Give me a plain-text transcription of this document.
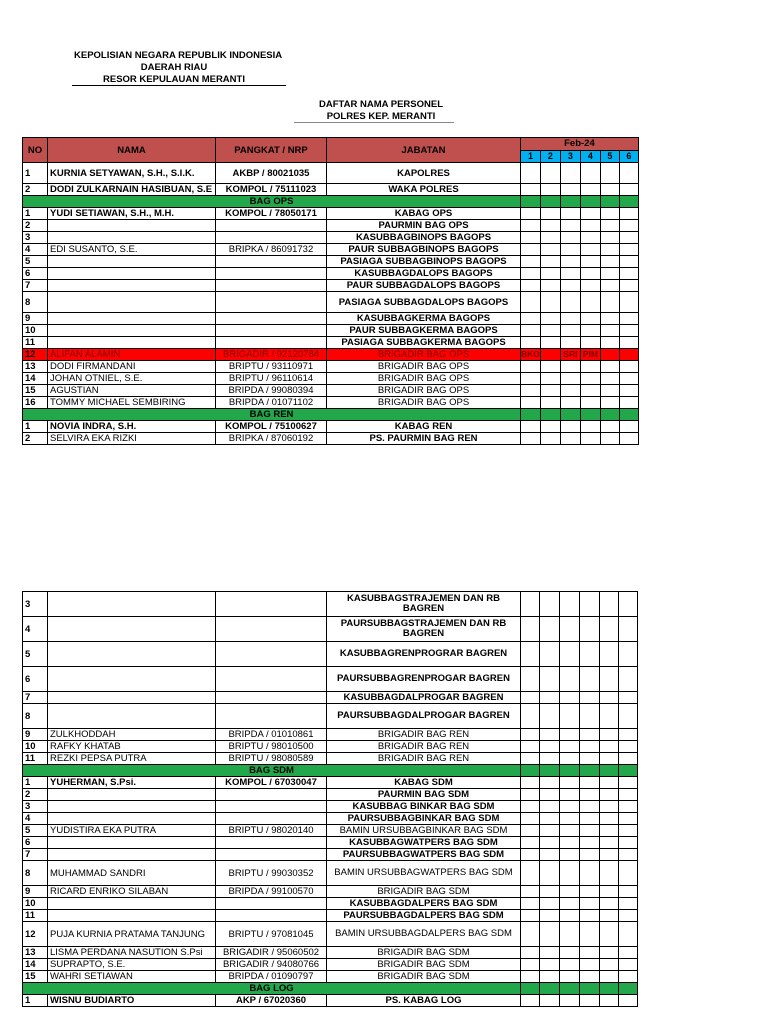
KEPOLISIAN NEGARA REPUBLIK INDONESIA
DAERAH RIAU
RESOR KEPULAUAN MERANTI
DAFTAR NAMA PERSONEL
POLRES KEP. MERANTI
NO	NAMA	PANGKAT / NRP	JABATAN	Feb-24					
				1	2	3	4	5	6
1	KURNIA SETYAWAN, S.H., S.I.K.	AKBP / 80021035	KAPOLRES						
2	DODI ZULKARNAIN HASIBUAN, S.E	KOMPOL / 75111023	WAKA POLRES						
BAG OPS									
1	YUDI SETIAWAN, S.H., M.H.	KOMPOL / 78050171	KABAG OPS						
2			PAURMIN BAG OPS						
3			KASUBBAGBINOPS BAGOPS						
4	EDI SUSANTO, S.E.	BRIPKA / 86091732	PAUR SUBBAGBINOPS BAGOPS						
5			PASIAGA SUBBAGBINOPS BAGOPS						
6			KASUBBAGDALOPS BAGOPS						
7			PAUR SUBBAGDALOPS BAGOPS						
8			PASIAGA SUBBAGDALOPS BAGOPS						
9			KASUBBAGKERMA BAGOPS						
10			PAUR SUBBAGKERMA BAGOPS						
11			PASIAGA SUBBAGKERMA BAGOPS						
12	ALIFAN ALAMIN	BRIGADIR / 92120784	BRIGADIR BAG OPS	BKO		SRI	PIM		
13	DODI FIRMANDANI	BRIPTU / 93110971	BRIGADIR BAG OPS						
14	JOHAN OTNIEL, S.E.	BRIPTU / 96110614	BRIGADIR BAG OPS						
15	AGUSTIAN	BRIPDA / 99080394	BRIGADIR BAG OPS						
16	TOMMY MICHAEL SEMBIRING	BRIPDA / 01071102	BRIGADIR BAG OPS						
BAG REN									
1	NOVIA INDRA, S.H.	KOMPOL / 75100627	KABAG REN						
2	SELVIRA EKA RIZKI	BRIPKA / 87060192	PS. PAURMIN BAG REN						
3			KASUBBAGSTRAJEMEN DAN RB BAGREN						
4			PAURSUBBAGSTRAJEMEN DAN RB BAGREN						
5			KASUBBAGRENPROGRAR BAGREN						
6			PAURSUBBAGRENPROGAR BAGREN						
7			KASUBBAGDALPROGAR BAGREN						
8			PAURSUBBAGDALPROGAR BAGREN						
9	ZULKHODDAH	BRIPDA / 01010861	BRIGADIR BAG REN						
10	RAFKY KHATAB	BRIPTU / 98010500	BRIGADIR BAG REN						
11	REZKI PEPSA PUTRA	BRIPTU / 98080589	BRIGADIR BAG REN						
BAG SDM									
1	YUHERMAN, S.Psi.	KOMPOL / 67030047	KABAG SDM						
2			PAURMIN BAG SDM						
3			KASUBBAG BINKAR BAG SDM						
4			PAURSUBBAGBINKAR BAG SDM						
5	YUDISTIRA EKA PUTRA	BRIPTU / 98020140	BAMIN URSUBBAGBINKAR BAG SDM						
6			KASUBBAGWATPERS BAG SDM						
7			PAURSUBBAGWATPERS BAG SDM						
8	MUHAMMAD SANDRI	BRIPTU / 99030352	BAMIN URSUBBAGWATPERS BAG SDM						
9	RICARD ENRIKO SILABAN	BRIPDA / 99100570	BRIGADIR BAG SDM						
10			KASUBBAGDALPERS BAG SDM						
11			PAURSUBBAGDALPERS BAG SDM						
12	PUJA KURNIA PRATAMA TANJUNG	BRIPTU / 97081045	BAMIN URSUBBAGDALPERS BAG SDM						
13	LISMA PERDANA NASUTION S.Psi	BRIGADIR / 95060502	BRIGADIR BAG SDM						
14	SUPRAPTO, S.E.	BRIGADIR / 94080766	BRIGADIR BAG SDM						
15	WAHRI SETIAWAN	BRIPDA / 01090797	BRIGADIR BAG SDM						
BAG LOG									
1	WISNU BUDIARTO	AKP / 67020360	PS. KABAG LOG						
